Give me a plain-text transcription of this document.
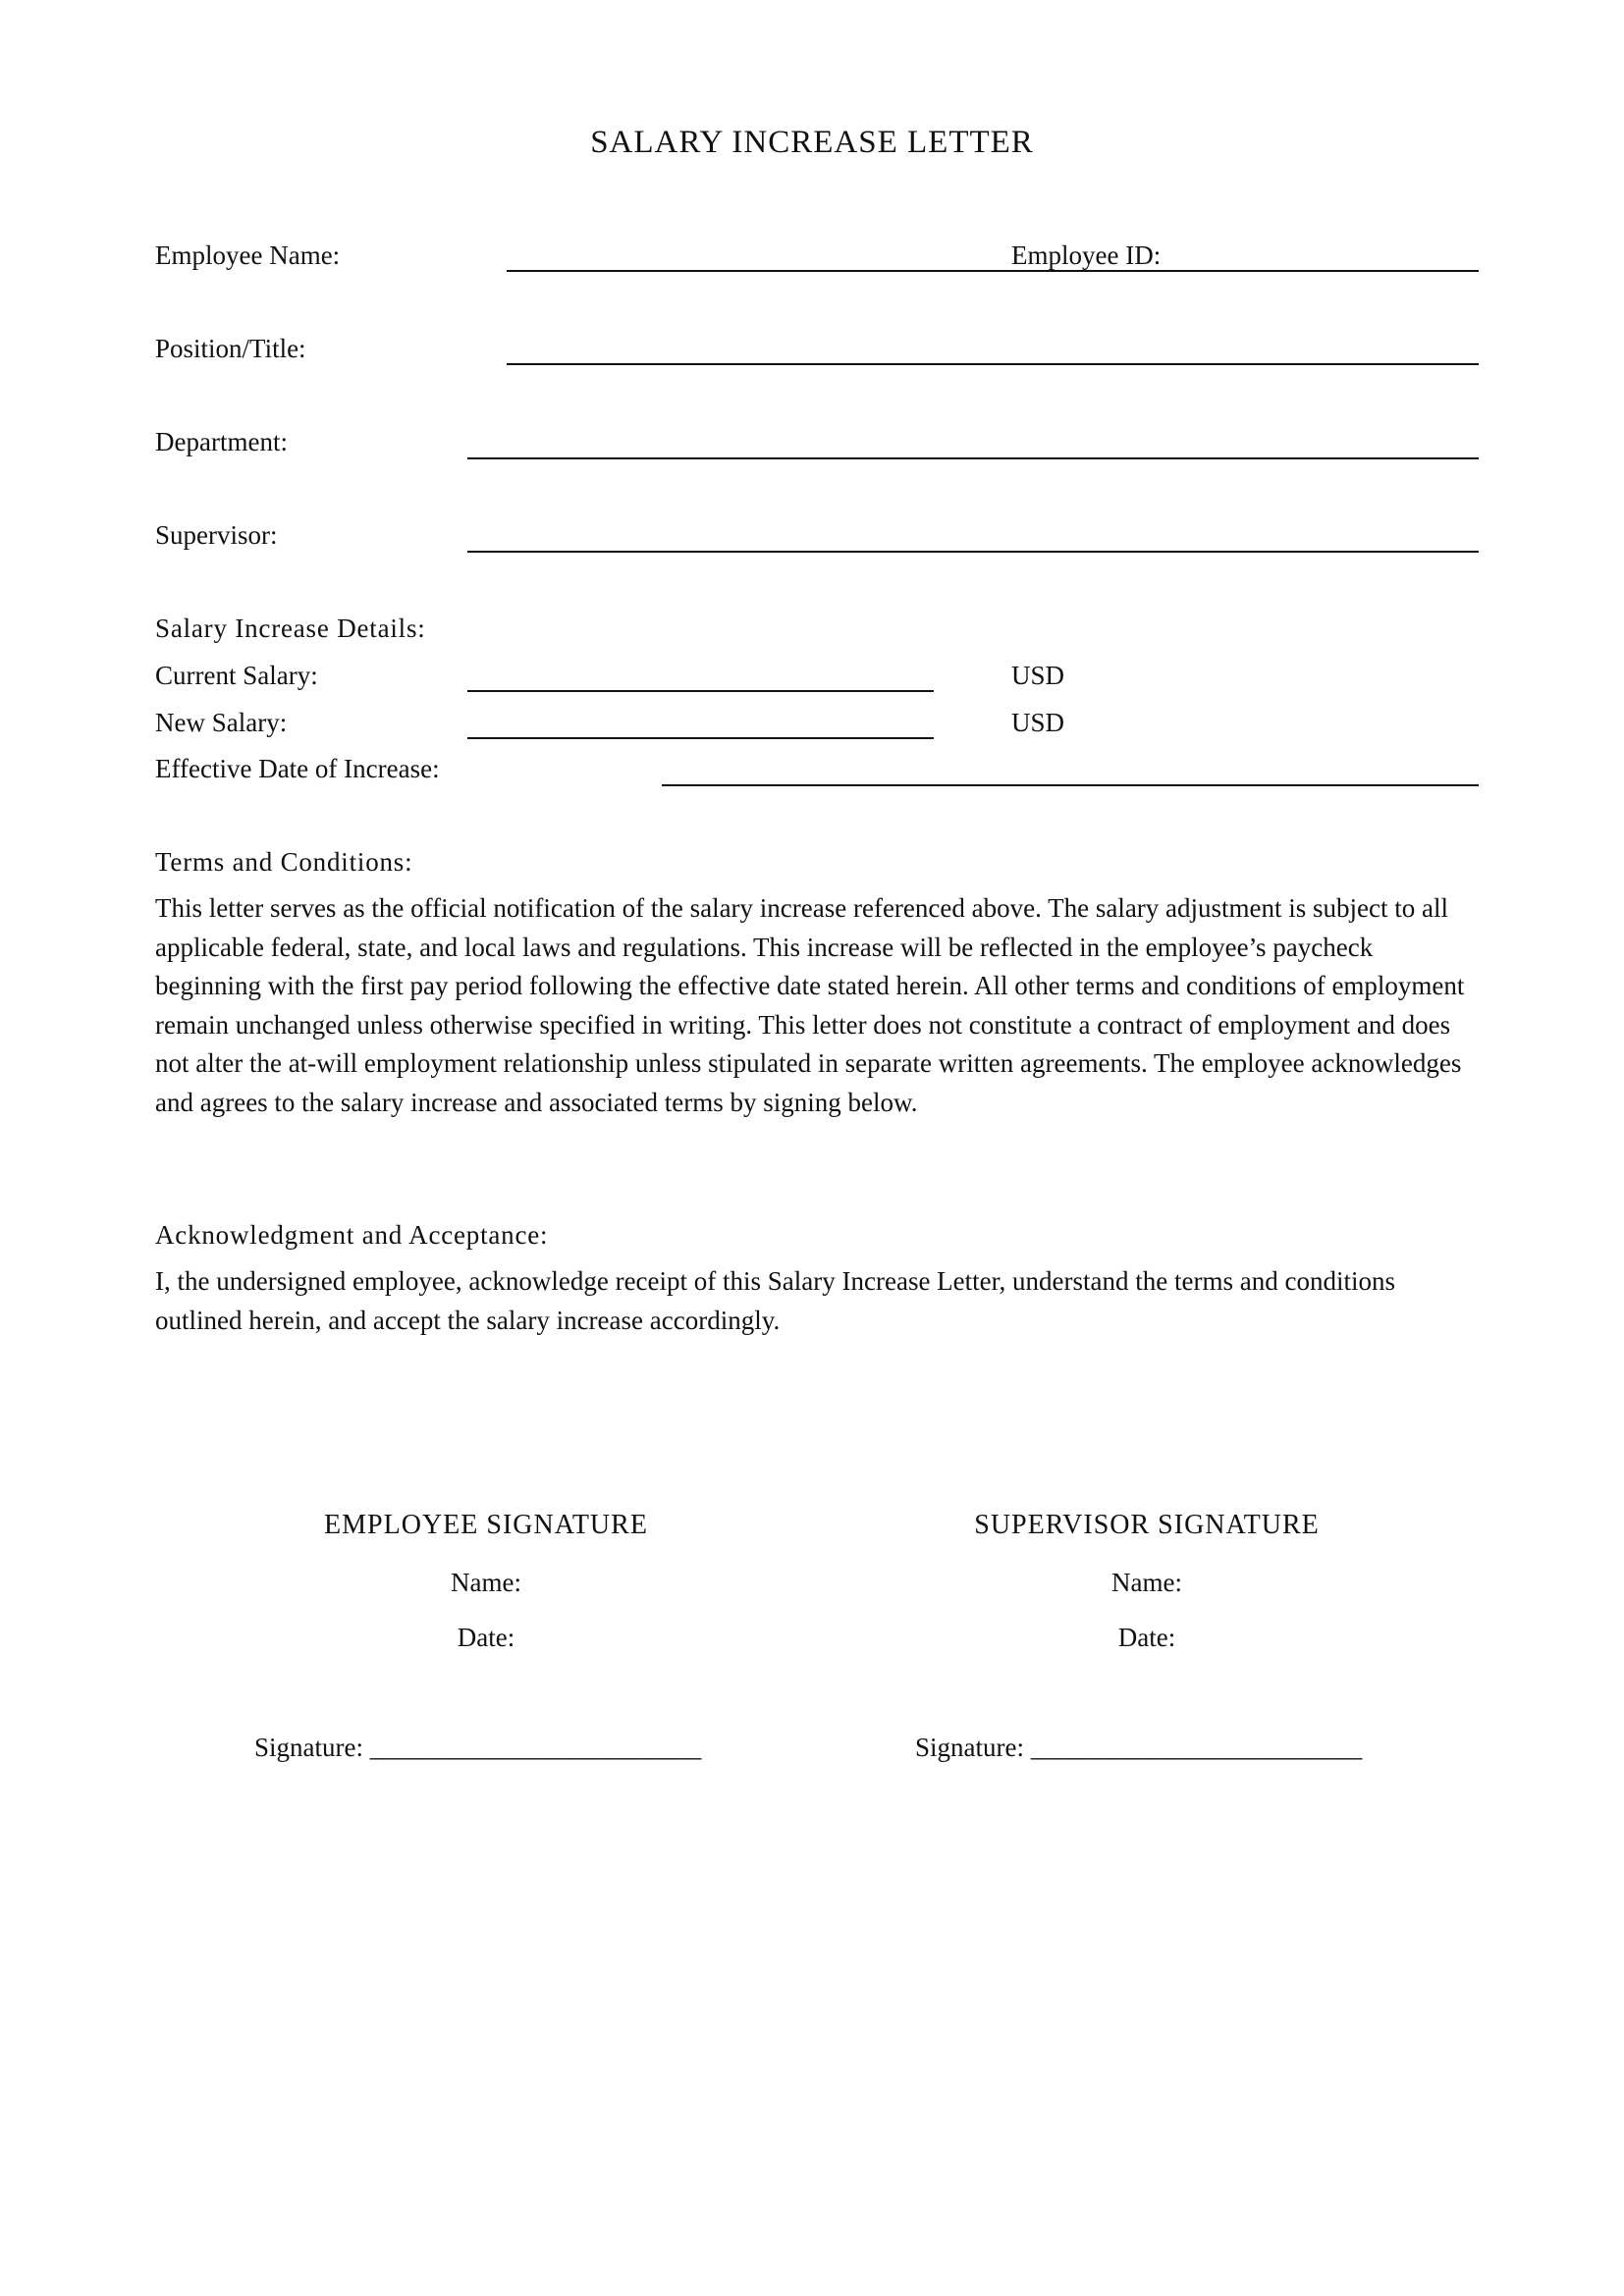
SALARY INCREASE LETTER
Employee Name:	Employee ID:
Position/Title:
Department:
Supervisor:
Salary Increase Details:
Current Salary:	USD
New Salary:	USD
Effective Date of Increase:
Terms and Conditions:
This letter serves as the official notification of the salary increase referenced above. The salary adjustment is subject to all applicable federal, state, and local laws and regulations. This increase will be reflected in the employee’s paycheck beginning with the first pay period following the effective date stated herein. All other terms and conditions of employment remain unchanged unless otherwise specified in writing. This letter does not constitute a contract of employment and does not alter the at-will employment relationship unless stipulated in separate written agreements. The employee acknowledges and agrees to the salary increase and associated terms by signing below.
Acknowledgment and Acceptance:
I, the undersigned employee, acknowledge receipt of this Salary Increase Letter, understand the terms and conditions outlined herein, and accept the salary increase accordingly.
EMPLOYEE SIGNATURE
Name:
Date:
Signature: _________________________
SUPERVISOR SIGNATURE
Name:
Date:
Signature: _________________________
